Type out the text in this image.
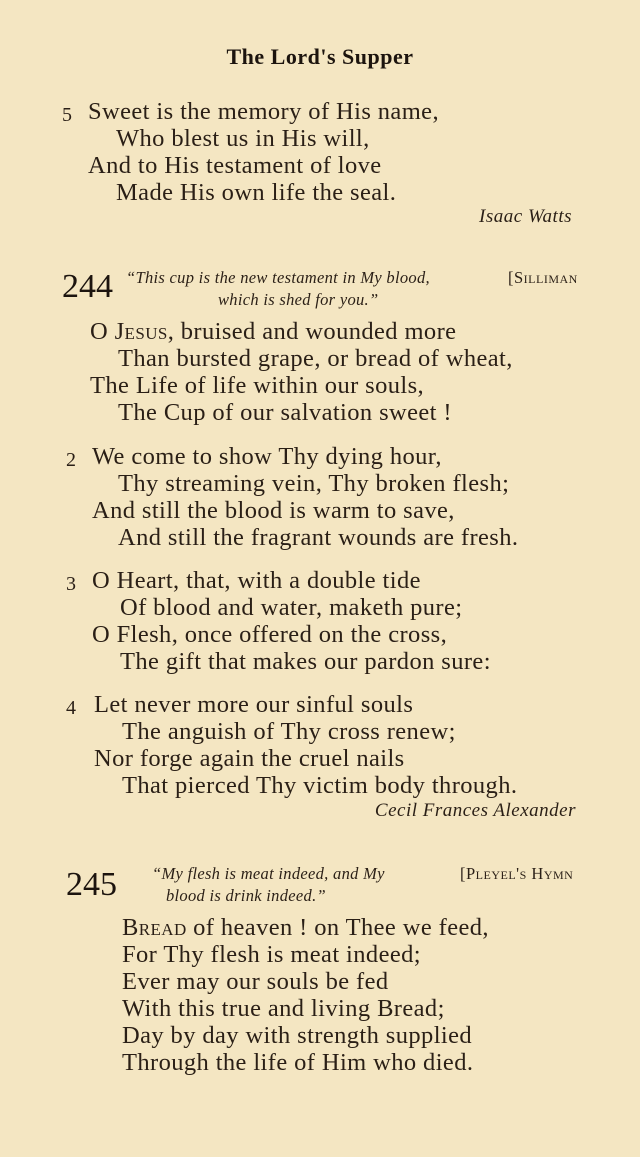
The Lord's Supper
5 Sweet is the memory of His name,
Who blest us in His will,
And to His testament of love
Made His own life the seal.
Isaac Watts
244 “This cup is the new testament in My blood,
which is shed for you.”
[Silliman
O Jesus, bruised and wounded more
Than bursted grape, or bread of wheat,
The Life of life within our souls,
The Cup of our salvation sweet !
2 We come to show Thy dying hour,
Thy streaming vein, Thy broken flesh;
And still the blood is warm to save,
And still the fragrant wounds are fresh.
3 O Heart, that, with a double tide
Of blood and water, maketh pure;
O Flesh, once offered on the cross,
The gift that makes our pardon sure:
4 Let never more our sinful souls
The anguish of Thy cross renew;
Nor forge again the cruel nails
That pierced Thy victim body through.
Cecil Frances Alexander
245 “My flesh is meat indeed, and My
blood is drink indeed.”
[Pleyel's Hymn
Bread of heaven ! on Thee we feed,
For Thy flesh is meat indeed;
Ever may our souls be fed
With this true and living Bread;
Day by day with strength supplied
Through the life of Him who died.
